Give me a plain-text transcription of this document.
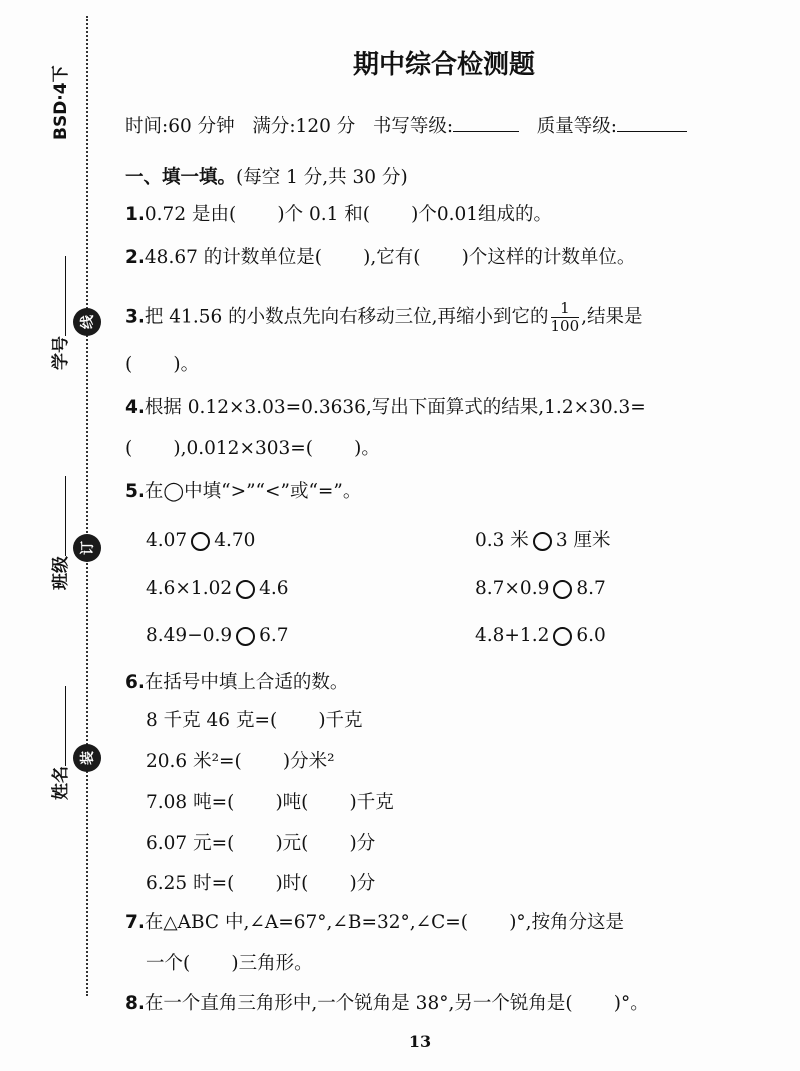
线
订
装
BSD·4下
学号
班级
姓名
期中综合检测题
时间:60 分钟 满分:120 分 书写等级:	质量等级:
一、填一填。(每空 1 分,共 30 分)
1.0.72 是由(       )个 0.1 和(       )个0.01组成的。
2.48.67 的计数单位是(       ),它有(       )个这样的计数单位。
3.把 41.56 的小数点先向右移动三位,再缩小到它的 $\frac{1}{100}$ ,结果是
(       )。
4.根据 0.12×3.03=0.3636,写出下面算式的结果,1.2×30.3=
(       ),0.012×303=(       )。
5.在◯中填“>”“<”或“=”。
4.07 4.70	0.3 米 3 厘米
4.6×1.02 4.6	8.7×0.9 8.7
8.49−0.9 6.7	4.8+1.2 6.0
6.在括号中填上合适的数。
8 千克 46 克=(       )千克
20.6 米²=(       )分米²
7.08 吨=(       )吨(       )千克
6.07 元=(       )元(       )分
6.25 时=(       )时(       )分
7.在△ABC 中,∠A=67°,∠B=32°,∠C=(       )°,按角分这是
一个(       )三角形。
8.在一个直角三角形中,一个锐角是 38°,另一个锐角是(       )°。
13
